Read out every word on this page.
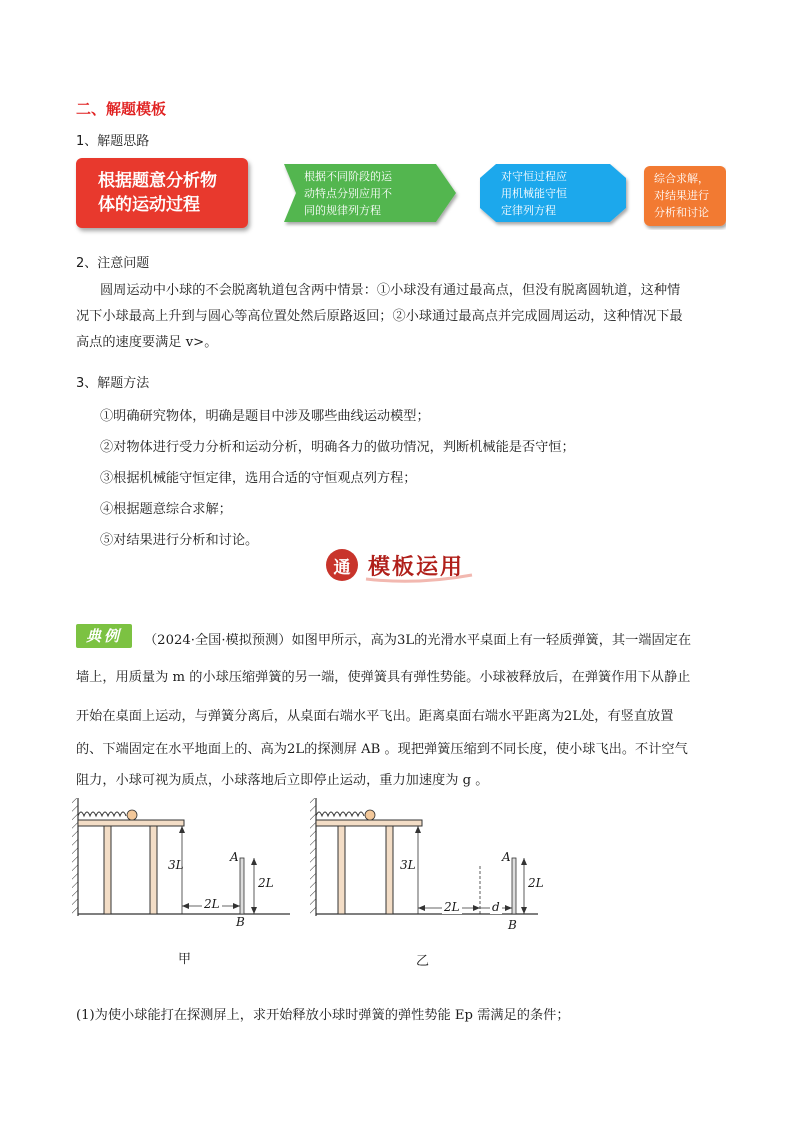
二、解题模板
1、解题思路
根据题意分析物
体的运动过程
根据不同阶段的运
动特点分别应用不
同的规律列方程
对守恒过程应
用机械能守恒
定律列方程
综合求解，
对结果进行
分析和讨论
2、注意问题
圆周运动中小球的不会脱离轨道包含两中情景：①小球没有通过最高点，但没有脱离圆轨道，这种情
况下小球最高上升到与圆心等高位置处然后原路返回；②小球通过最高点并完成圆周运动，这种情况下最
高点的速度要满足 v>。
3、解题方法
①明确研究物体，明确是题目中涉及哪些曲线运动模型；
②对物体进行受力分析和运动分析，明确各力的做功情况，判断机械能是否守恒；
③根据机械能守恒定律，选用合适的守恒观点列方程；
④根据题意综合求解；
⑤对结果进行分析和讨论。
通 模板运用
典例	（2024·全国·模拟预测）如图甲所示，高为3L的光滑水平桌面上有一轻质弹簧，其一端固定在
墙上，用质量为 m 的小球压缩弹簧的另一端，使弹簧具有弹性势能。小球被释放后，在弹簧作用下从静止
开始在桌面上运动，与弹簧分离后，从桌面右端水平飞出。距离桌面右端水平距离为2L处，有竖直放置
的、下端固定在水平地面上的、高为2L的探测屏 AB 。现把弹簧压缩到不同长度，使小球飞出。不计空气
阻力，小球可视为质点，小球落地后立即停止运动，重力加速度为 g 。
3L
2L
2L
A
B
甲
3L
2L
2L	d
A
B
乙
(1)为使小球能打在探测屏上，求开始释放小球时弹簧的弹性势能 Ep 需满足的条件；
